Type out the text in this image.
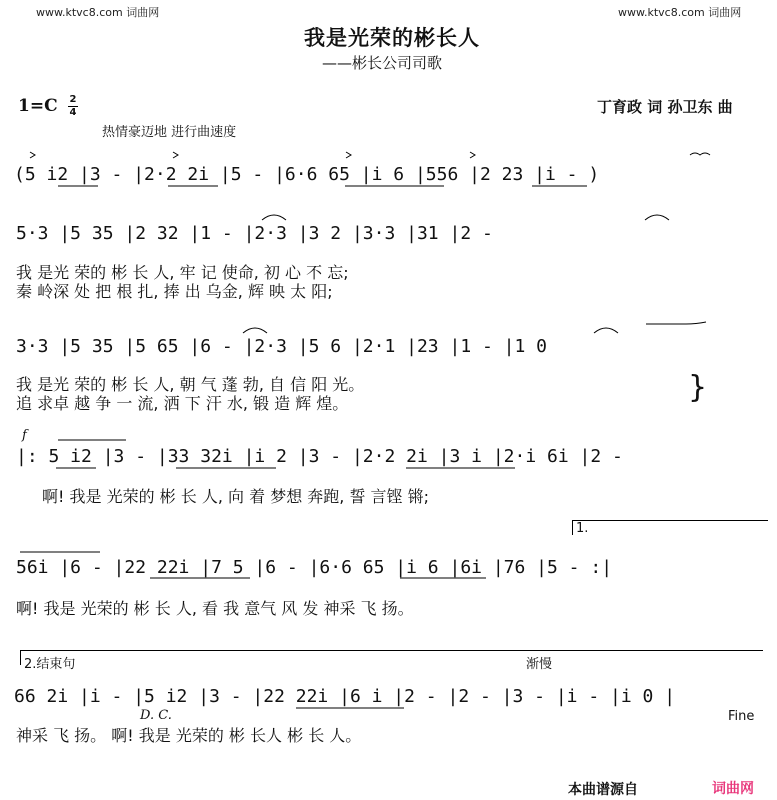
www.ktvc8.com 词曲网	www.ktvc8.com 词曲网
我是光荣的彬长人
——彬长公司司歌
1=C 2
4	丁育政 词 孙卫东 曲
热情豪迈地 进行曲速度
(5 i2 |3 - |2·2 2i |5 - |6·6 65 |i 6 |556 |2 23 |i - )
5·3 |5 35 |2 32 |1 - |2·3 |3 2 |3·3 |31 |2 -
我 是光 荣的 彬 长 人, 牢 记 使命, 初 心 不 忘;
秦 岭深 处 把 根 扎, 捧 出 乌金, 辉 映 太 阳;
3·3 |5 35 |5 65 |6 - |2·3 |5 6 |2·1 |23 |1 - |1 0
我 是光 荣的 彬 长 人, 朝 气 蓬 勃, 自 信 阳 光。
追 求卓 越 争 一 流, 洒 下 汗 水, 锻 造 辉 煌。	}
f
|: 5 i2 |3 - |33 32i |i 2 |3 - |2·2 2i |3 i |2·i 6i |2 -
啊! 我是 光荣的 彬 长 人, 向 着 梦想 奔跑, 誓 言铿 锵;
1.
56i |6 - |22 22i |7 5 |6 - |6·6 65 |i 6 |6i |76 |5 - :|
啊! 我是 光荣的 彬 长 人, 看 我 意气 风 发 神采 飞 扬。
2.结束句	渐慢
66 2i |i - |5 i2 |3 - |22 22i |6 i |2 - |2 - |3 - |i - |i 0 |
D. C.	Fine
神采 飞 扬。 啊! 我是 光荣的 彬 长人 彬 长 人。
本曲谱源自	词曲网
